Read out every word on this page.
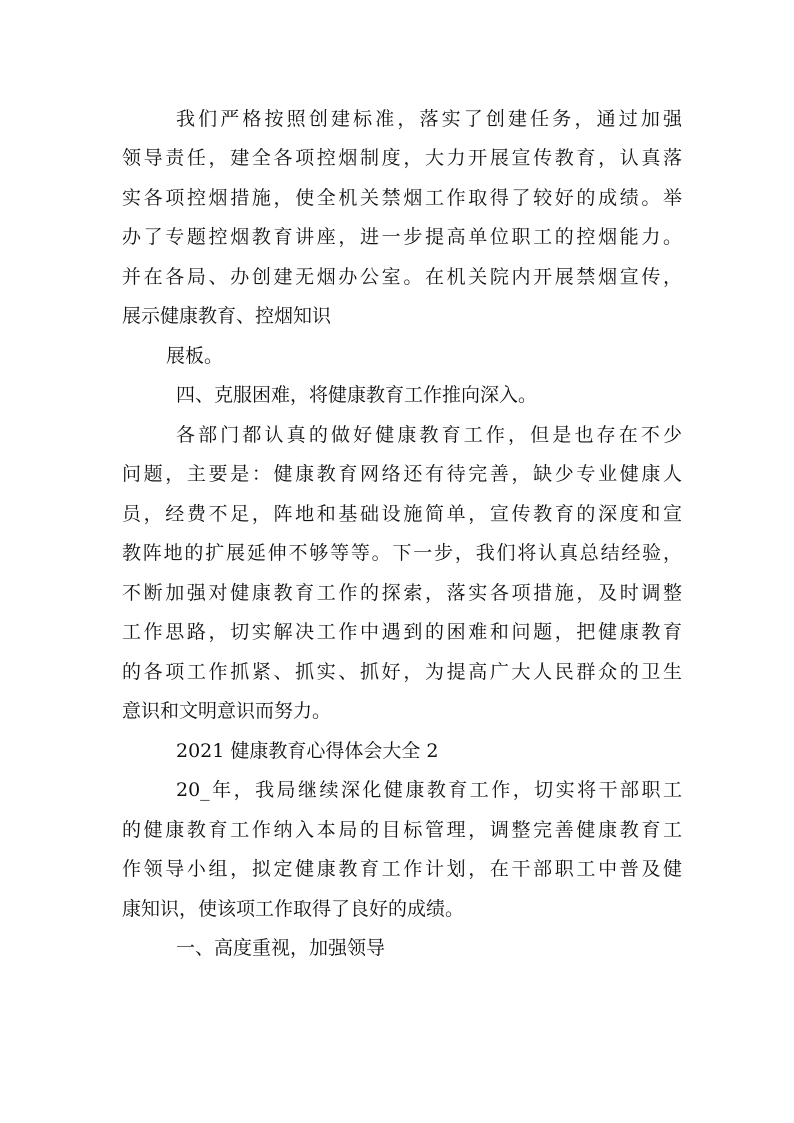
我们严格按照创建标准，落实了创建任务，通过加强
领导责任，建全各项控烟制度，大力开展宣传教育，认真落
实各项控烟措施，使全机关禁烟工作取得了较好的成绩。举
办了专题控烟教育讲座，进一步提高单位职工的控烟能力。
并在各局、办创建无烟办公室。在机关院内开展禁烟宣传，
展示健康教育、控烟知识
展板。
四、克服困难，将健康教育工作推向深入。
各部门都认真的做好健康教育工作，但是也存在不少
问题，主要是：健康教育网络还有待完善，缺少专业健康人
员，经费不足，阵地和基础设施简单，宣传教育的深度和宣
教阵地的扩展延伸不够等等。下一步，我们将认真总结经验，
不断加强对健康教育工作的探索，落实各项措施，及时调整
工作思路，切实解决工作中遇到的困难和问题，把健康教育
的各项工作抓紧、抓实、抓好，为提高广大人民群众的卫生
意识和文明意识而努力。
2021 健康教育心得体会大全 2
20_年，我局继续深化健康教育工作，切实将干部职工
的健康教育工作纳入本局的目标管理，调整完善健康教育工
作领导小组，拟定健康教育工作计划，在干部职工中普及健
康知识，使该项工作取得了良好的成绩。
一、高度重视，加强领导
